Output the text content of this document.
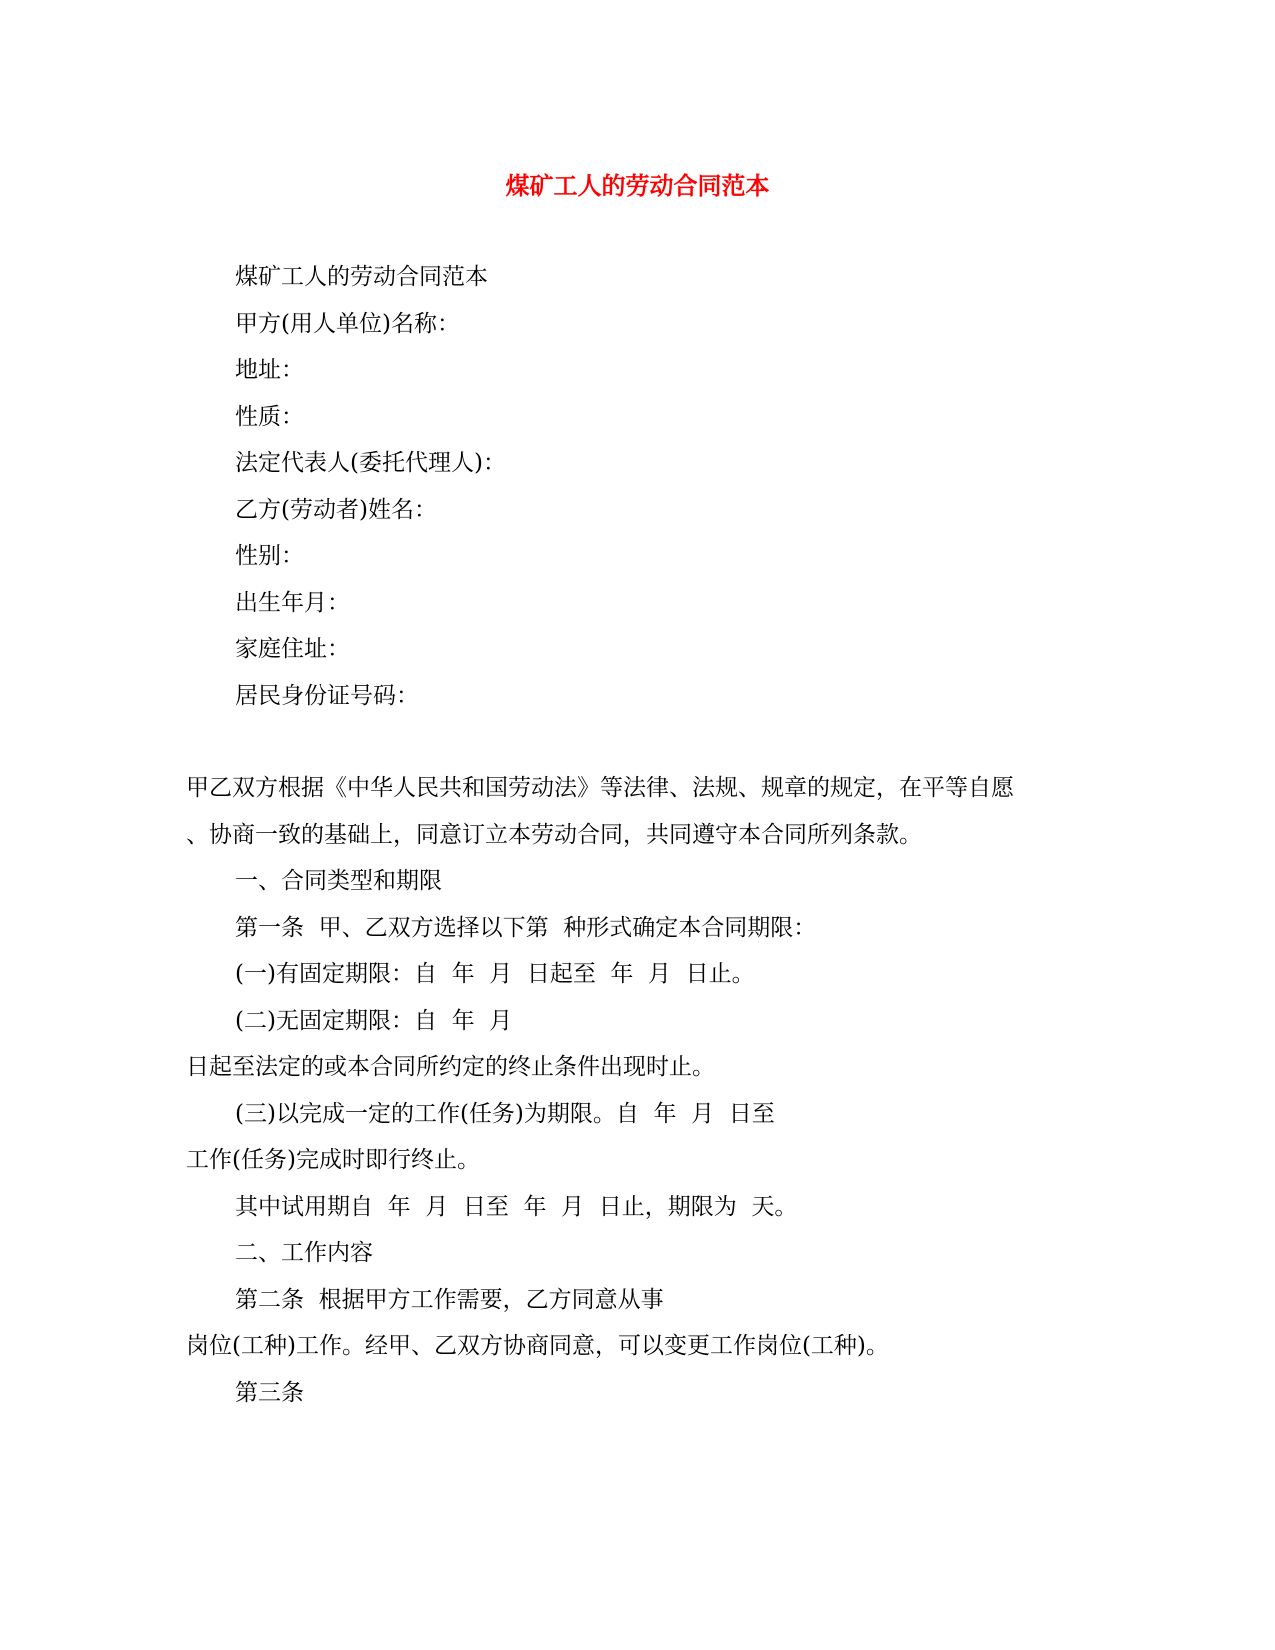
煤矿工人的劳动合同范本
煤矿工人的劳动合同范本
甲方(用人单位)名称：
地址：
性质：
法定代表人(委托代理人)：
乙方(劳动者)姓名：
性别：
出生年月：
家庭住址：
居民身份证号码：
甲乙双方根据《中华人民共和国劳动法》等法律、法规、规章的规定，在平等自愿
、协商一致的基础上，同意订立本劳动合同，共同遵守本合同所列条款。
一、合同类型和期限
第一条  甲、乙双方选择以下第  种形式确定本合同期限：
(一)有固定期限：自  年  月  日起至  年  月  日止。
(二)无固定期限：自  年  月
日起至法定的或本合同所约定的终止条件出现时止。
(三)以完成一定的工作(任务)为期限。自  年  月  日至
工作(任务)完成时即行终止。
其中试用期自  年  月  日至  年  月  日止，期限为  天。
二、工作内容
第二条  根据甲方工作需要，乙方同意从事
岗位(工种)工作。经甲、乙双方协商同意，可以变更工作岗位(工种)。
第三条
